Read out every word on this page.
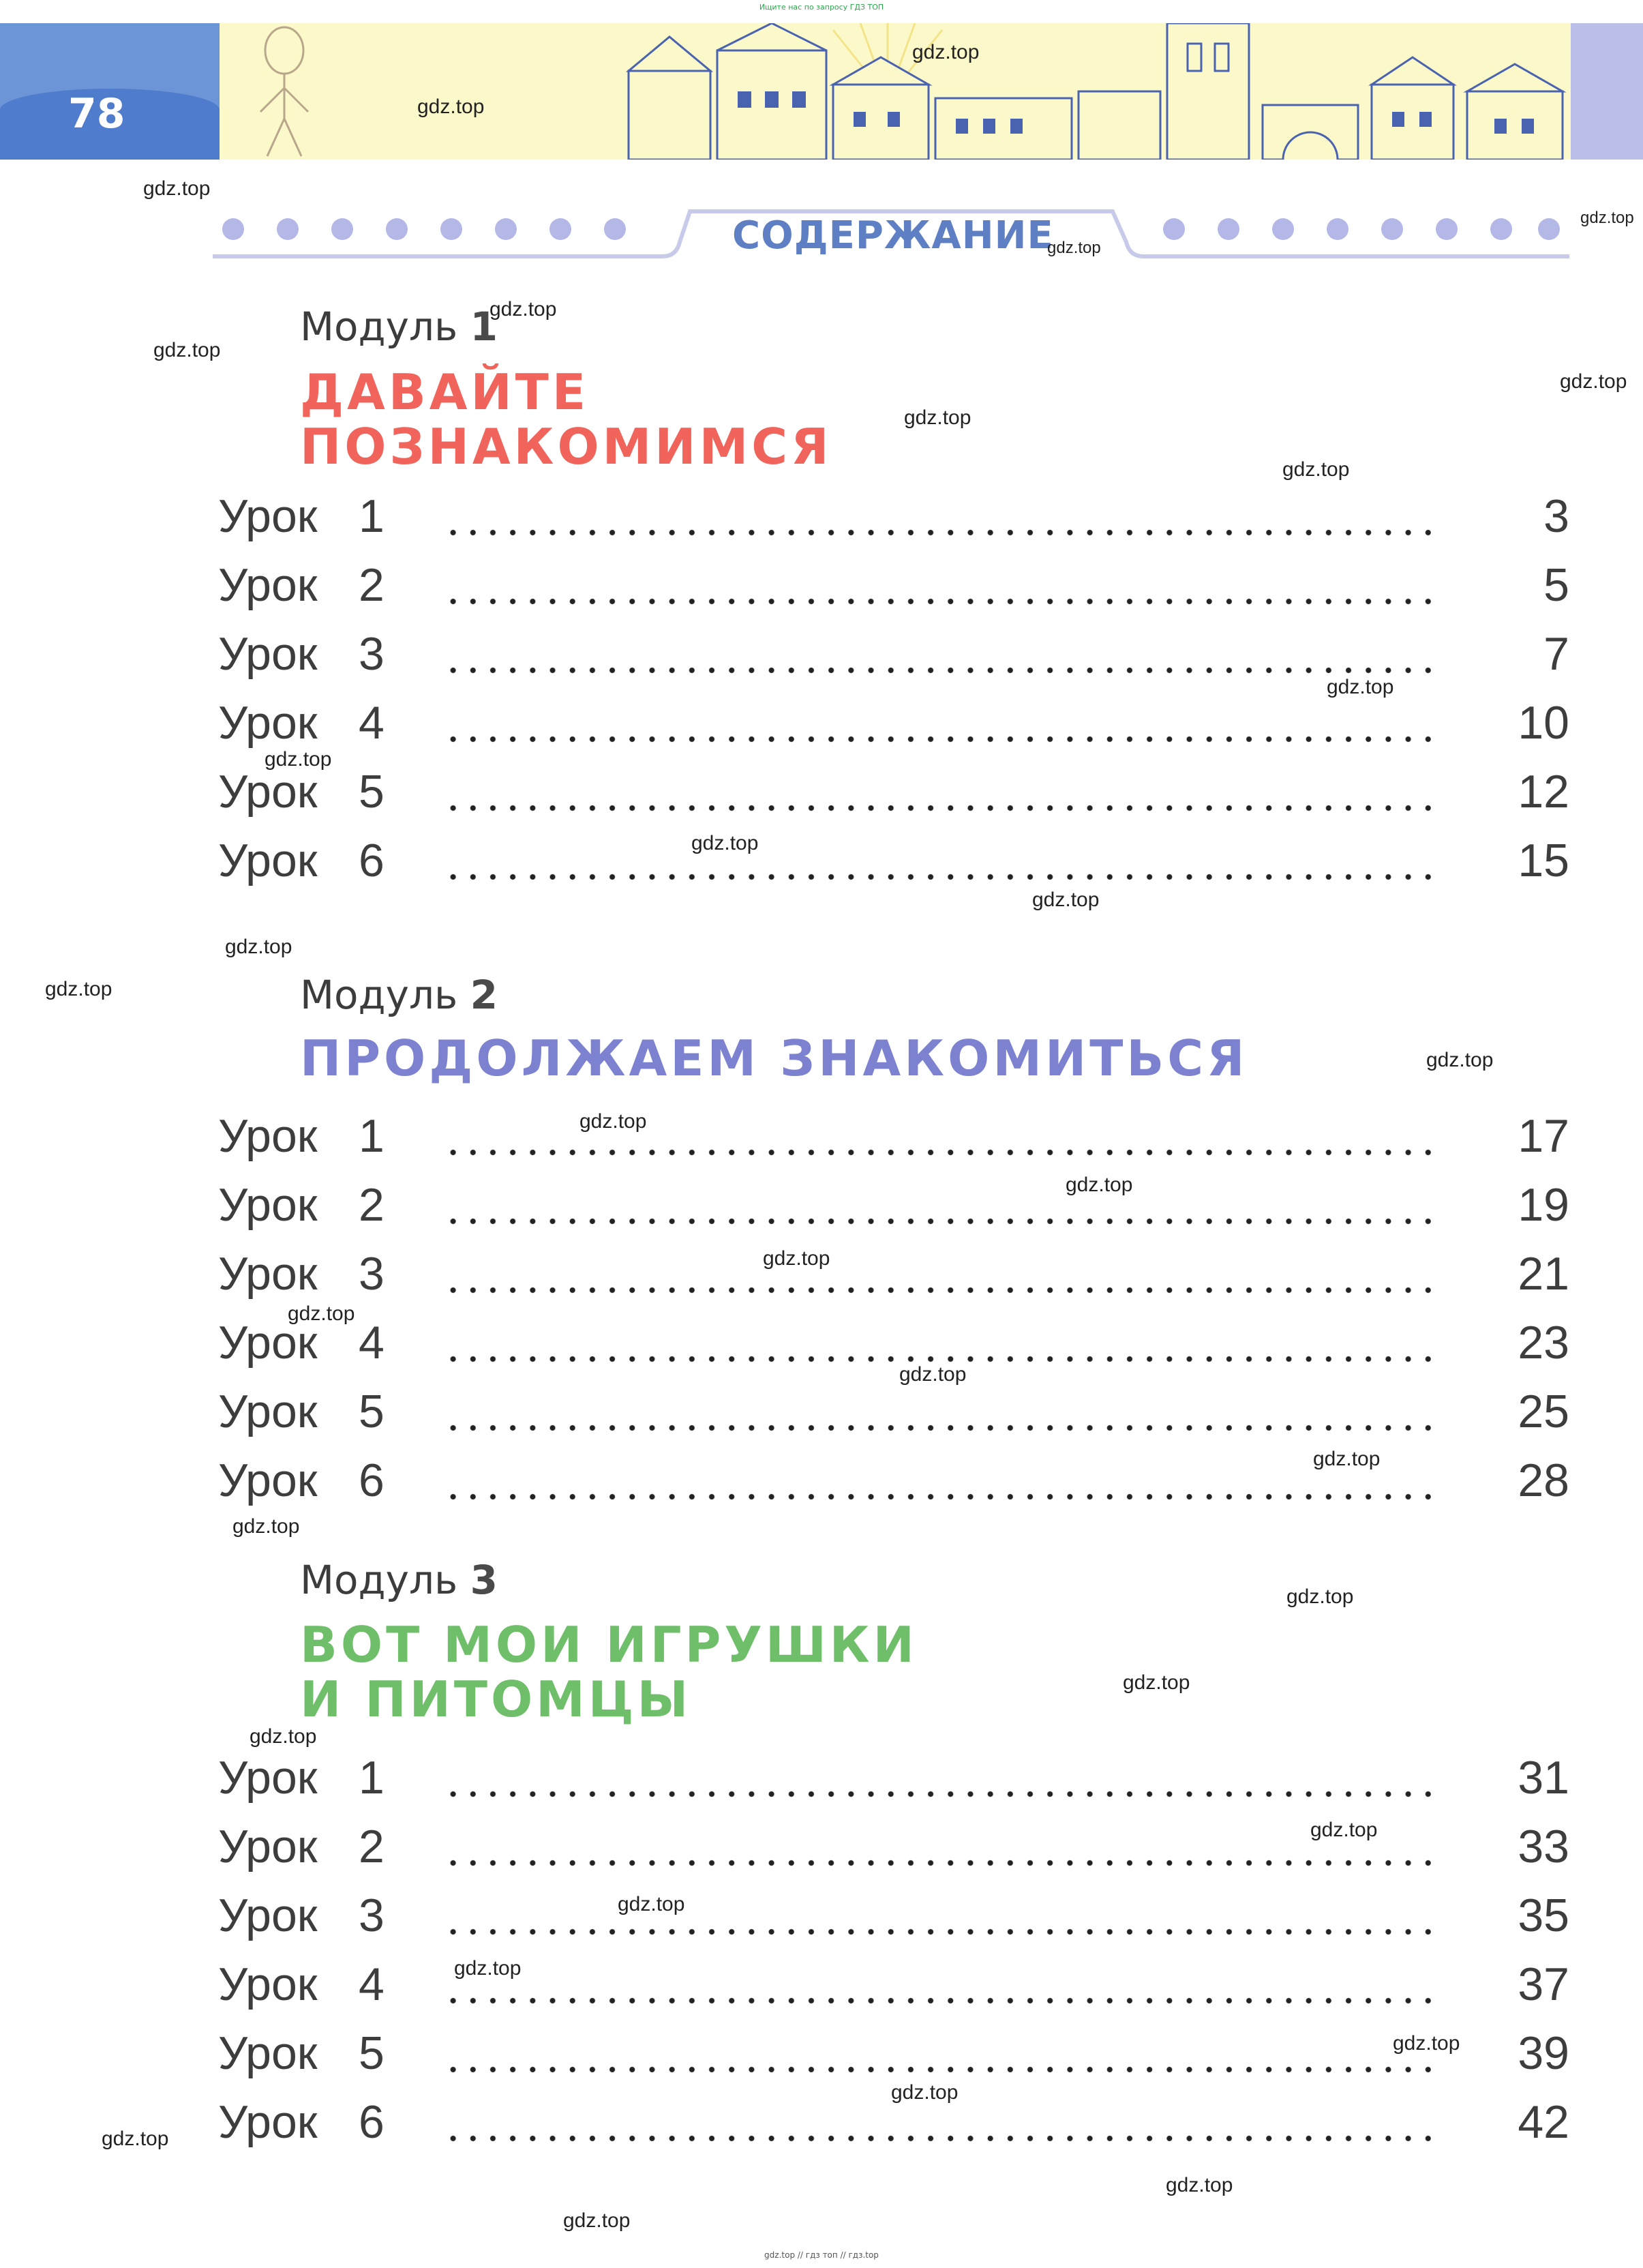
Ищите нас по запросу ГДЗ ТОП
78
СОДЕРЖАНИЕ
Модуль 1
ДАВАЙТЕ
ПОЗНАКОМИМСЯ
Урок 1	3
Урок 2	5
Урок 3	7
Урок 4	10
Урок 5	12
Урок 6	15
Модуль 2
ПРОДОЛЖАЕМ ЗНАКОМИТЬСЯ
Урок 1	17
Урок 2	19
Урок 3	21
Урок 4	23
Урок 5	25
Урок 6	28
Модуль 3
ВОТ МОИ ИГРУШКИ
И ПИТОМЦЫ
Урок 1	31
Урок 2	33
Урок 3	35
Урок 4	37
Урок 5	39
Урок 6	42
gdz.top
gdz.top
gdz.top
gdz.top
gdz.top
gdz.top
gdz.top
gdz.top
gdz.top
gdz.top
gdz.top
gdz.top
gdz.top
gdz.top
gdz.top
gdz.top
gdz.top
gdz.top
gdz.top
gdz.top
gdz.top
gdz.top
gdz.top
gdz.top
gdz.top
gdz.top
gdz.top
gdz.top
gdz.top
gdz.top
gdz.top
gdz.top
gdz.top
gdz.top
gdz.top
gdz.top // гдз топ // гдз.top
